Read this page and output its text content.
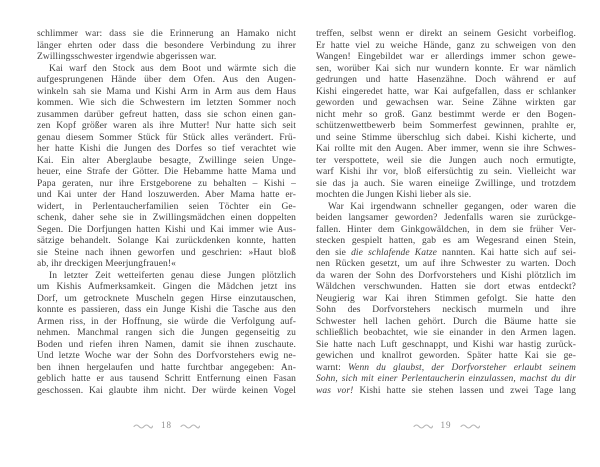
schlimmer war: dass sie die Erinnerung an Hamako nicht
länger ehrten oder dass die besondere Verbindung zu ihrer
Zwillingsschwester irgendwie abgerissen war.
Kai warf den Stock aus dem Boot und wärmte sich die
aufgesprungenen Hände über dem Ofen. Aus den Augen-
winkeln sah sie Mama und Kishi Arm in Arm aus dem Haus
kommen. Wie sich die Schwestern im letzten Sommer noch
zusammen darüber gefreut hatten, dass sie schon einen gan-
zen Kopf größer waren als ihre Mutter! Nur hatte sich seit
genau diesem Sommer Stück für Stück alles verändert. Frü-
her hatte Kishi die Jungen des Dorfes so tief verachtet wie
Kai. Ein alter Aberglaube besagte, Zwillinge seien Unge-
heuer, eine Strafe der Götter. Die Hebamme hatte Mama und
Papa geraten, nur ihre Erstgeborene zu behalten – Kishi –
und Kai unter der Hand loszuwerden. Aber Mama hatte er-
widert, in Perlentaucherfamilien seien Töchter ein Ge-
schenk, daher sehe sie in Zwillingsmädchen einen doppelten
Segen. Die Dorfjungen hatten Kishi und Kai immer wie Aus-
sätzige behandelt. Solange Kai zurückdenken konnte, hatten
sie Steine nach ihnen geworfen und geschrien: »Haut bloß
ab, ihr dreckigen Meerjungfrauen!«
In letzter Zeit wetteiferten genau diese Jungen plötzlich
um Kishis Aufmerksamkeit. Gingen die Mädchen jetzt ins
Dorf, um getrocknete Muscheln gegen Hirse einzutauschen,
konnte es passieren, dass ein Junge Kishi die Tasche aus den
Armen riss, in der Hoffnung, sie würde die Verfolgung auf-
nehmen. Manchmal rangen sich die Jungen gegenseitig zu
Boden und riefen ihren Namen, damit sie ihnen zuschaute.
Und letzte Woche war der Sohn des Dorfvorstehers ewig ne-
ben ihnen hergelaufen und hatte furchtbar angegeben: An-
geblich hatte er aus tausend Schritt Entfernung einen Fasan
geschossen. Kai glaubte ihm nicht. Der würde keinen Vogel
18
treffen, selbst wenn er direkt an seinem Gesicht vorbeiflog.
Er hatte viel zu weiche Hände, ganz zu schweigen von den
Wangen! Eingebildet war er allerdings immer schon gewe-
sen, worüber Kai sich nur wundern konnte. Er war nämlich
gedrungen und hatte Hasenzähne. Doch während er auf
Kishi eingeredet hatte, war Kai aufgefallen, dass er schlanker
geworden und gewachsen war. Seine Zähne wirkten gar
nicht mehr so groß. Ganz bestimmt werde er den Bogen-
schützenwettbewerb beim Sommerfest gewinnen, prahlte er,
und seine Stimme überschlug sich dabei. Kishi kicherte, und
Kai rollte mit den Augen. Aber immer, wenn sie ihre Schwes-
ter verspottete, weil sie die Jungen auch noch ermutigte,
warf Kishi ihr vor, bloß eifersüchtig zu sein. Vielleicht war
sie das ja auch. Sie waren eineiige Zwillinge, und trotzdem
mochten die Jungen Kishi lieber als sie.
War Kai irgendwann schneller gegangen, oder waren die
beiden langsamer geworden? Jedenfalls waren sie zurückge-
fallen. Hinter dem Ginkgowäldchen, in dem sie früher Ver-
stecken gespielt hatten, gab es am Wegesrand einen Stein,
den sie die schlafende Katze nannten. Kai hatte sich auf sei-
nen Rücken gesetzt, um auf ihre Schwester zu warten. Doch
da waren der Sohn des Dorfvorstehers und Kishi plötzlich im
Wäldchen verschwunden. Hatten sie dort etwas entdeckt?
Neugierig war Kai ihren Stimmen gefolgt. Sie hatte den
Sohn des Dorfvorstehers neckisch murmeln und ihre
Schwester hell lachen gehört. Durch die Bäume hatte sie
schließlich beobachtet, wie sie einander in den Armen lagen.
Sie hatte nach Luft geschnappt, und Kishi war hastig zurück-
gewichen und knallrot geworden. Später hatte Kai sie ge-
warnt: Wenn du glaubst, der Dorfvorsteher erlaubt seinem
Sohn, sich mit einer Perlentaucherin einzulassen, machst du dir
was vor! Kishi hatte sie stehen lassen und zwei Tage lang
19
